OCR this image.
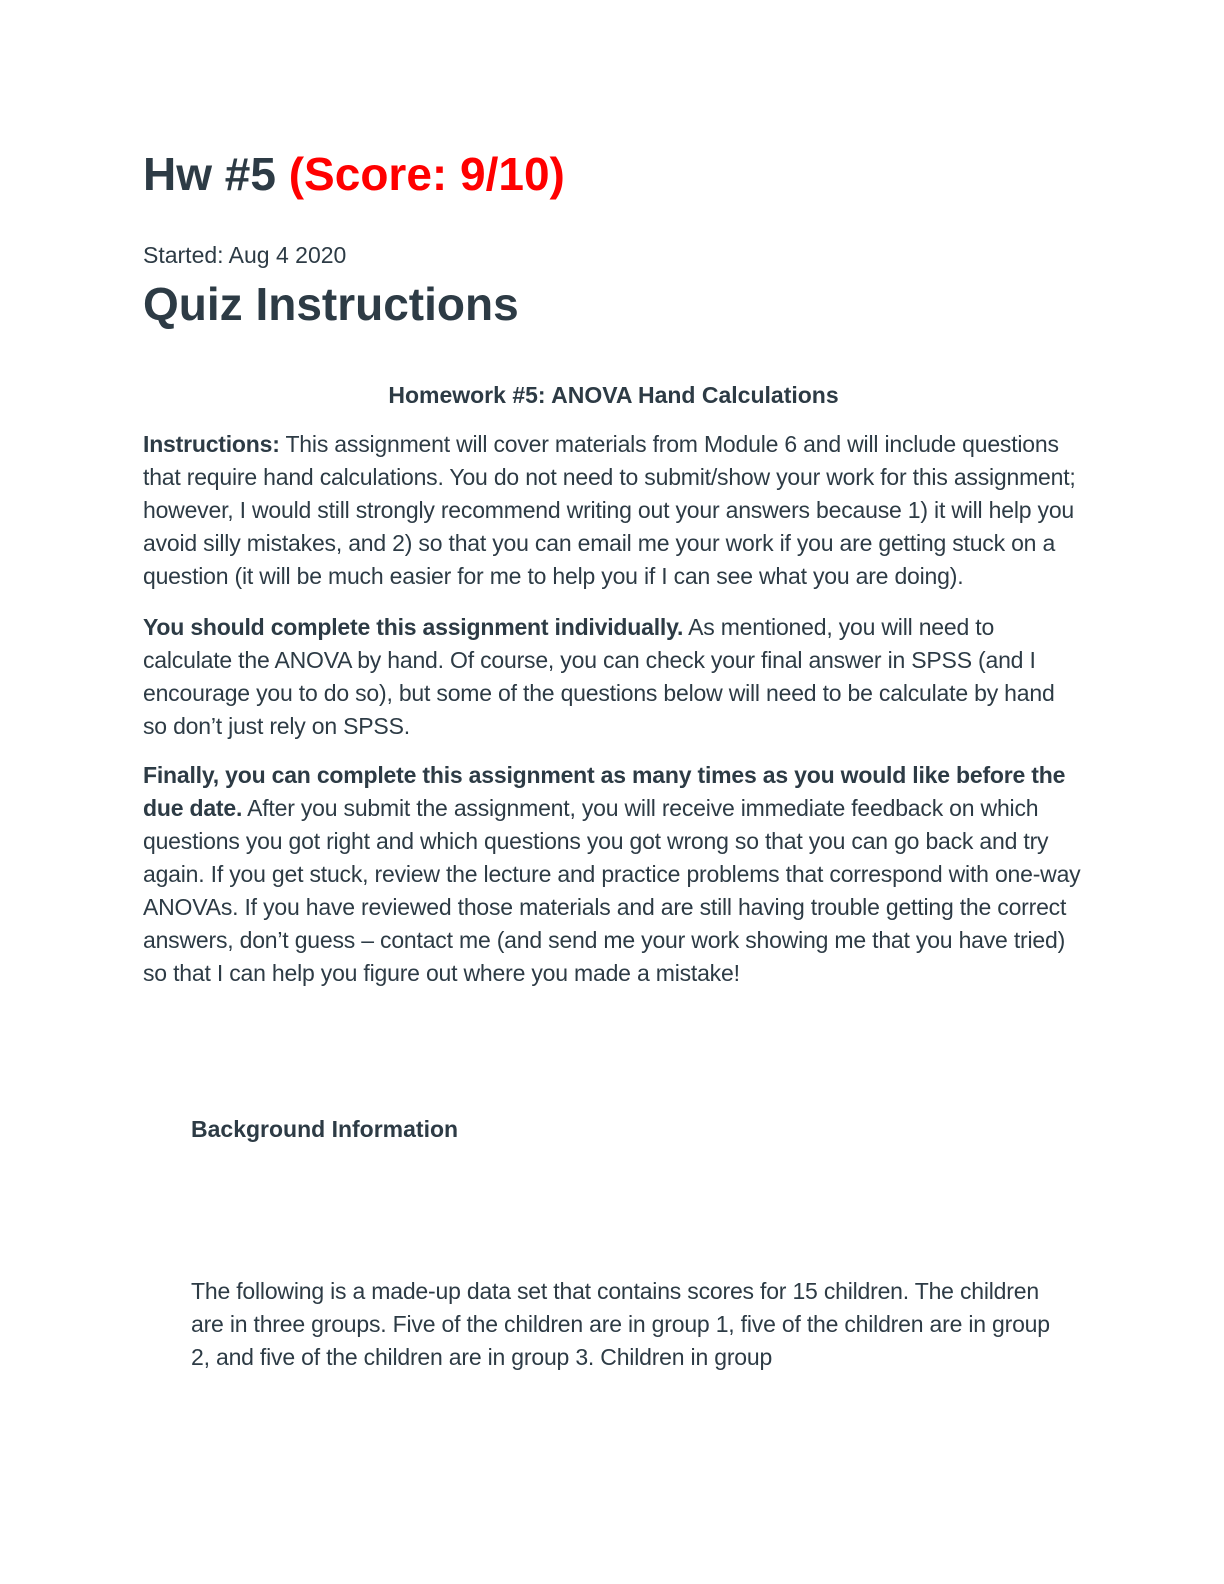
Hw #5 (Score: 9/10)
Started: Aug 4 2020
Quiz Instructions
Homework #5: ANOVA Hand Calculations

Instructions: This assignment will cover materials from Module 6 and will include questions that require hand calculations. You do not need to submit/show your work for this assignment; however, I would still strongly recommend writing out your answers because 1) it will help you avoid silly mistakes, and 2) so that you can email me your work if you are getting stuck on a question (it will be much easier for me to help you if I can see what you are doing).

You should complete this assignment individually. As mentioned, you will need to calculate the ANOVA by hand. Of course, you can check your final answer in SPSS (and I encourage you to do so), but some of the questions below will need to be calculate by hand so don’t just rely on SPSS.

Finally, you can complete this assignment as many times as you would like before the due date. After you submit the assignment, you will receive immediate feedback on which questions you got right and which questions you got wrong so that you can go back and try again. If you get stuck, review the lecture and practice problems that correspond with one-way ANOVAs. If you have reviewed those materials and are still having trouble getting the correct answers, don’t guess – contact me (and send me your work showing me that you have tried) so that I can help you figure out where you made a mistake!

Background Information

The following is a made-up data set that contains scores for 15 children. The children are in three groups. Five of the children are in group 1, five of the children are in group 2, and five of the children are in group 3. Children in group
